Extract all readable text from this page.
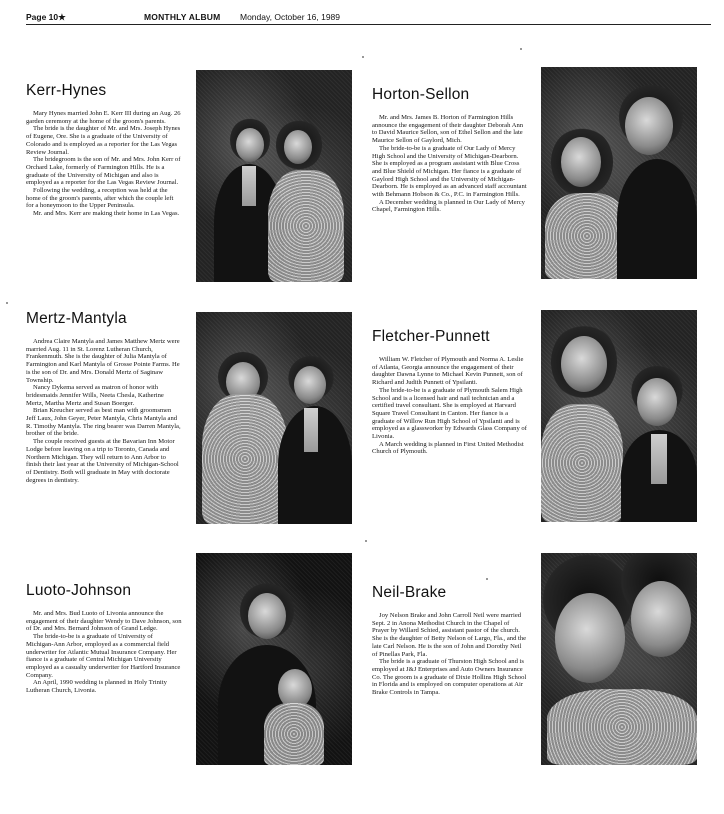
Page 10★	MONTHLY ALBUM Monday, October 16, 1989
Kerr-Hynes

Mary Hynes married John E. Kerr III during an Aug. 26 garden ceremony at the home of the groom's parents.

The bride is the daughter of Mr. and Mrs. Joseph Hynes of Eugene, Ore. She is a graduate of the University of Colorado and is employed as a reporter for the Las Vegas Review Journal.

The bridegroom is the son of Mr. and Mrs. John Kerr of Orchard Lake, formerly of Farmington Hills. He is a graduate of the University of Michigan and also is employed as a reporter for the Las Vegas Review Journal.

Following the wedding, a reception was held at the home of the groom's parents, after which the couple left for a honeymoon to the Upper Peninsula.

Mr. and Mrs. Kerr are making their home in Las Vegas.

Horton-Sellon

Mr. and Mrs. James B. Horton of Farmington Hills announce the engagement of their daughter Deborah Ann to David Maurice Sellon, son of Ethel Sellon and the late Maurice Sellon of Gaylord, Mich.

The bride-to-be is a graduate of Our Lady of Mercy High School and the University of Michigan-Dearborn. She is employed as a program assistant with Blue Cross and Blue Shield of Michigan. Her fiance is a graduate of Gaylord High School and the University of Michigan-Dearborn. He is employed as an advanced staff accountant with Behmann Hobson & Co., P.C. in Farmington Hills.

A December wedding is planned in Our Lady of Mercy Chapel, Farmington Hills.

Mertz-Mantyla

Andrea Claire Mantyla and James Matthew Mertz were married Aug. 11 in St. Lorenz Lutheran Church, Frankenmuth. She is the daughter of Julia Mantyla of Farmington and Karl Mantyla of Grosse Pointe Farms. He is the son of Dr. and Mrs. Donald Mertz of Saginaw Township.

Nancy Dykema served as matron of honor with bridesmaids Jennifer Wills, Neeta Chesla, Katherine Mertz, Martha Mertz and Susan Boerger.

Brian Kreucher served as best man with groomsmen Jeff Laux, John Geyer, Peter Mantyla, Chris Mantyla and R. Timothy Mantyla. The ring bearer was Darren Mantyla, brother of the bride.

The couple received guests at the Bavarian Inn Motor Lodge before leaving on a trip to Toronto, Canada and Northern Michigan. They will return to Ann Arbor to finish their last year at the University of Michigan-School of Dentistry. Both will graduate in May with doctorate degrees in dentistry.

Fletcher-Punnett

William W. Fletcher of Plymouth and Norma A. Leslie of Atlanta, Georgia announce the engagement of their daughter Dawna Lynne to Michael Kevin Punnett, son of Richard and Judith Punnett of Ypsilanti.

The bride-to-be is a graduate of Plymouth Salem High School and is a licensed hair and nail technician and a certified travel consultant. She is employed at Harvard Square Travel Consultant in Canton. Her fiance is a graduate of Willow Run High School of Ypsilanti and is employed as a glassworker by Edwards Glass Company of Livonia.

A March wedding is planned in First United Methodist Church of Plymouth.

Luoto-Johnson

Mr. and Mrs. Bud Luoto of Livonia announce the engagement of their daughter Wendy to Dave Johnson, son of Dr. and Mrs. Bernard Johnson of Grand Ledge.

The bride-to-be is a graduate of University of Michigan-Ann Arbor, employed as a commercial field underwriter for Atlantic Mutual Insurance Company. Her fiance is a graduate of Central Michigan University employed as a casualty underwriter for Hartford Insurance Company.

An April, 1990 wedding is planned in Holy Trinity Lutheran Church, Livonia.

Neil-Brake

Joy Nelson Brake and John Carroll Neil were married Sept. 2 in Anona Methodist Church in the Chapel of Prayer by Willard Schied, assistant pastor of the church. She is the daughter of Betty Nelson of Largo, Fla., and the late Carl Nelson. He is the son of John and Dorothy Neil of Pinellas Park, Fla.

The bride is a graduate of Thurston High School and is employed at J&J Enterprises and Auto Owners Insurance Co. The groom is a graduate of Dixie Hollins High School in Florida and is employed on computer operations at Air Brake Controls in Tampa.
